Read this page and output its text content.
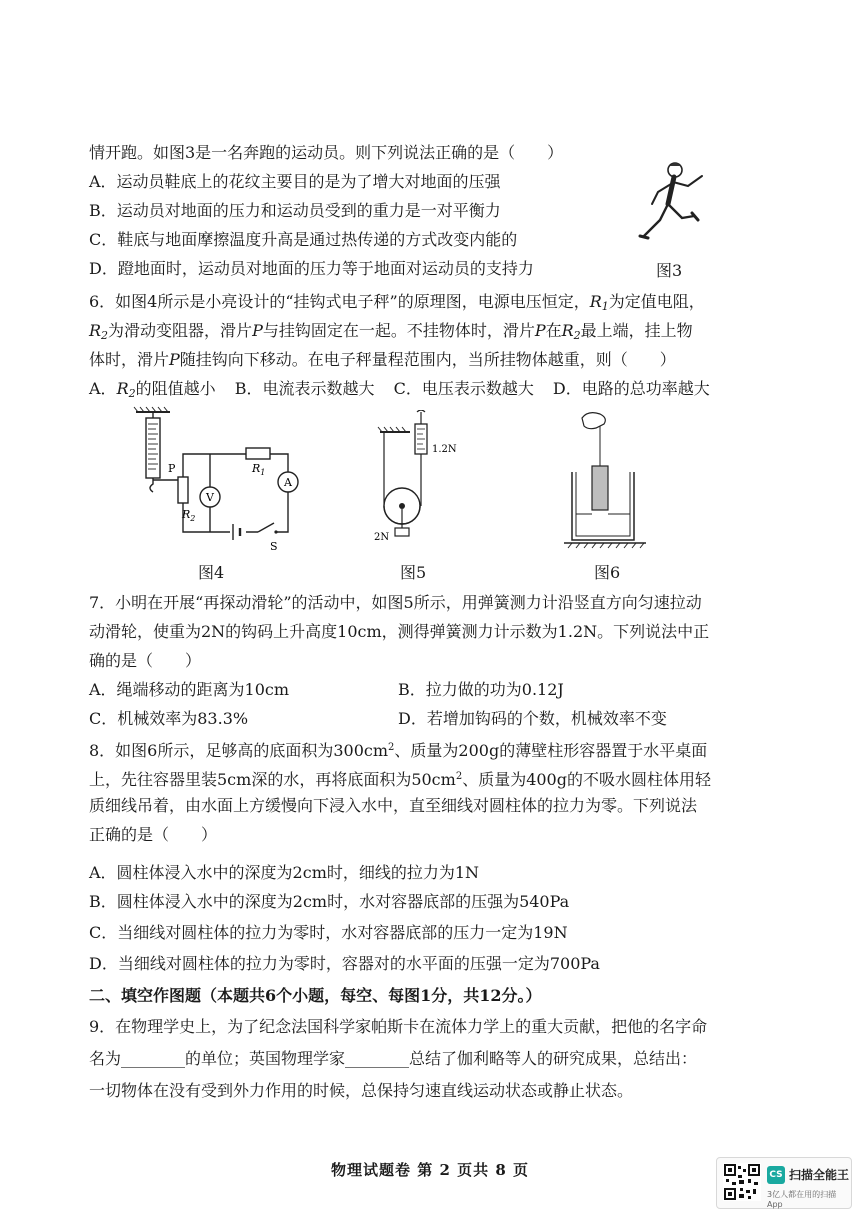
情开跑。如图3是一名奔跑的运动员。则下列说法正确的是（　　）
A．运动员鞋底上的花纹主要目的是为了增大对地面的压强
B．运动员对地面的压力和运动员受到的重力是一对平衡力
C．鞋底与地面摩擦温度升高是通过热传递的方式改变内能的
D．蹬地面时，运动员对地面的压力等于地面对运动员的支持力	图3
6．如图4所示是小亮设计的“挂钩式电子秤”的原理图，电源电压恒定，$R_1$为定值电阻，
$R_2$为滑动变阻器，滑片P与挂钩固定在一起。不挂物体时，滑片P在$R_2$最上端，挂上物
体时，滑片P随挂钩向下移动。在电子秤量程范围内，当所挂物体越重，则（　　）
A．$R_2$的阻值越小 B．电流表示数越大 C．电压表示数越大 D．电路的总功率越大
P
$R_2$
$R_1$
A
V
S
图4
2N
1.2N
图5	图6
7．小明在开展“再探动滑轮”的活动中，如图5所示，用弹簧测力计沿竖直方向匀速拉动
动滑轮，使重为2N的钩码上升高度10cm，测得弹簧测力计示数为1.2N。下列说法中正
确的是（　　）
A．绳端移动的距离为10cm	B．拉力做的功为0.12J
C．机械效率为83.3%	D．若增加钩码的个数，机械效率不变
8．如图6所示，足够高的底面积为$300cm^2$、质量为200g的薄壁柱形容器置于水平桌面
上，先往容器里装5cm深的水，再将底面积为$50cm^2$、质量为400g的不吸水圆柱体用轻
质细线吊着，由水面上方缓慢向下浸入水中，直至细线对圆柱体的拉力为零。下列说法
正确的是（　　）
A．圆柱体浸入水中的深度为2cm时，细线的拉力为1N
B．圆柱体浸入水中的深度为2cm时，水对容器底部的压强为540Pa
C．当细线对圆柱体的拉力为零时，水对容器底部的压力一定为19N
D．当细线对圆柱体的拉力为零时，容器对的水平面的压强一定为700Pa
二、填空作图题（本题共6个小题，每空、每图1分，共12分。）
9．在物理学史上，为了纪念法国科学家帕斯卡在流体力学上的重大贡献，把他的名字命
名为________的单位；英国物理学家________总结了伽利略等人的研究成果，总结出：
一切物体在没有受到外力作用的时候，总保持匀速直线运动状态或静止状态。
物理试题卷 第 2 页共 8 页	CS 扫描全能王
3亿人都在用的扫描App
